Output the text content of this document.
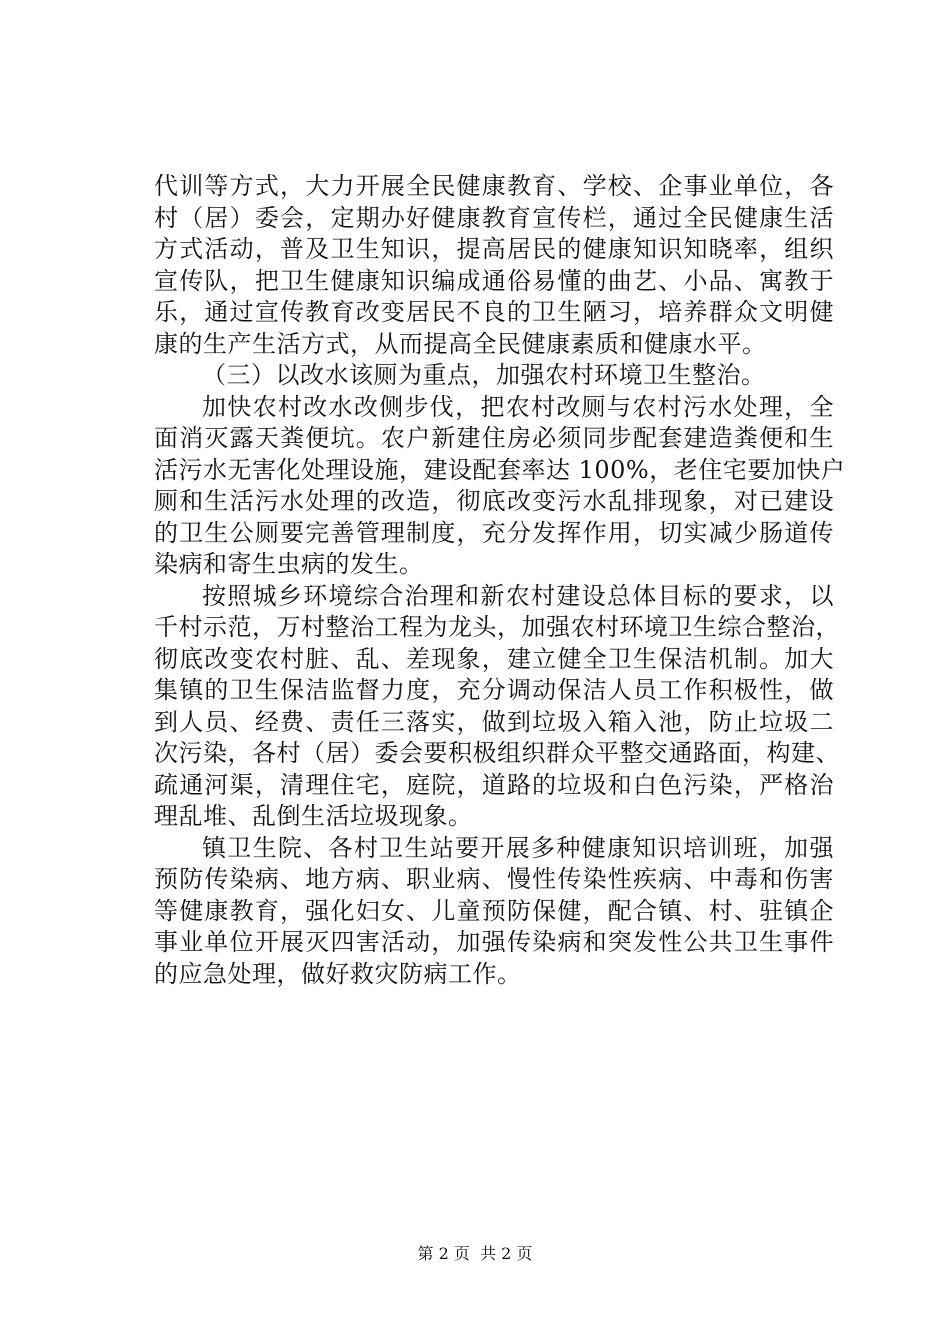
代训等方式，大力开展全民健康教育、学校、企事业单位，各
村（居）委会，定期办好健康教育宣传栏，通过全民健康生活
方式活动，普及卫生知识，提高居民的健康知识知晓率，组织
宣传队，把卫生健康知识编成通俗易懂的曲艺、小品、寓教于
乐，通过宣传教育改变居民不良的卫生陋习，培养群众文明健
康的生产生活方式，从而提高全民健康素质和健康水平。
（三）以改水该厕为重点，加强农村环境卫生整治。
加快农村改水改侧步伐，把农村改厕与农村污水处理，全
面消灭露天粪便坑。农户新建住房必须同步配套建造粪便和生
活污水无害化处理设施，建设配套率达 100%，老住宅要加快户
厕和生活污水处理的改造，彻底改变污水乱排现象，对已建设
的卫生公厕要完善管理制度，充分发挥作用，切实减少肠道传
染病和寄生虫病的发生。
按照城乡环境综合治理和新农村建设总体目标的要求，以
千村示范，万村整治工程为龙头，加强农村环境卫生综合整治，
彻底改变农村脏、乱、差现象，建立健全卫生保洁机制。加大
集镇的卫生保洁监督力度，充分调动保洁人员工作积极性，做
到人员、经费、责任三落实，做到垃圾入箱入池，防止垃圾二
次污染，各村（居）委会要积极组织群众平整交通路面，构建、
疏通河渠，清理住宅，庭院，道路的垃圾和白色污染，严格治
理乱堆、乱倒生活垃圾现象。
镇卫生院、各村卫生站要开展多种健康知识培训班，加强
预防传染病、地方病、职业病、慢性传染性疾病、中毒和伤害
等健康教育，强化妇女、儿童预防保健，配合镇、村、驻镇企
事业单位开展灭四害活动，加强传染病和突发性公共卫生事件
的应急处理，做好救灾防病工作。
第 2 页  共 2 页
